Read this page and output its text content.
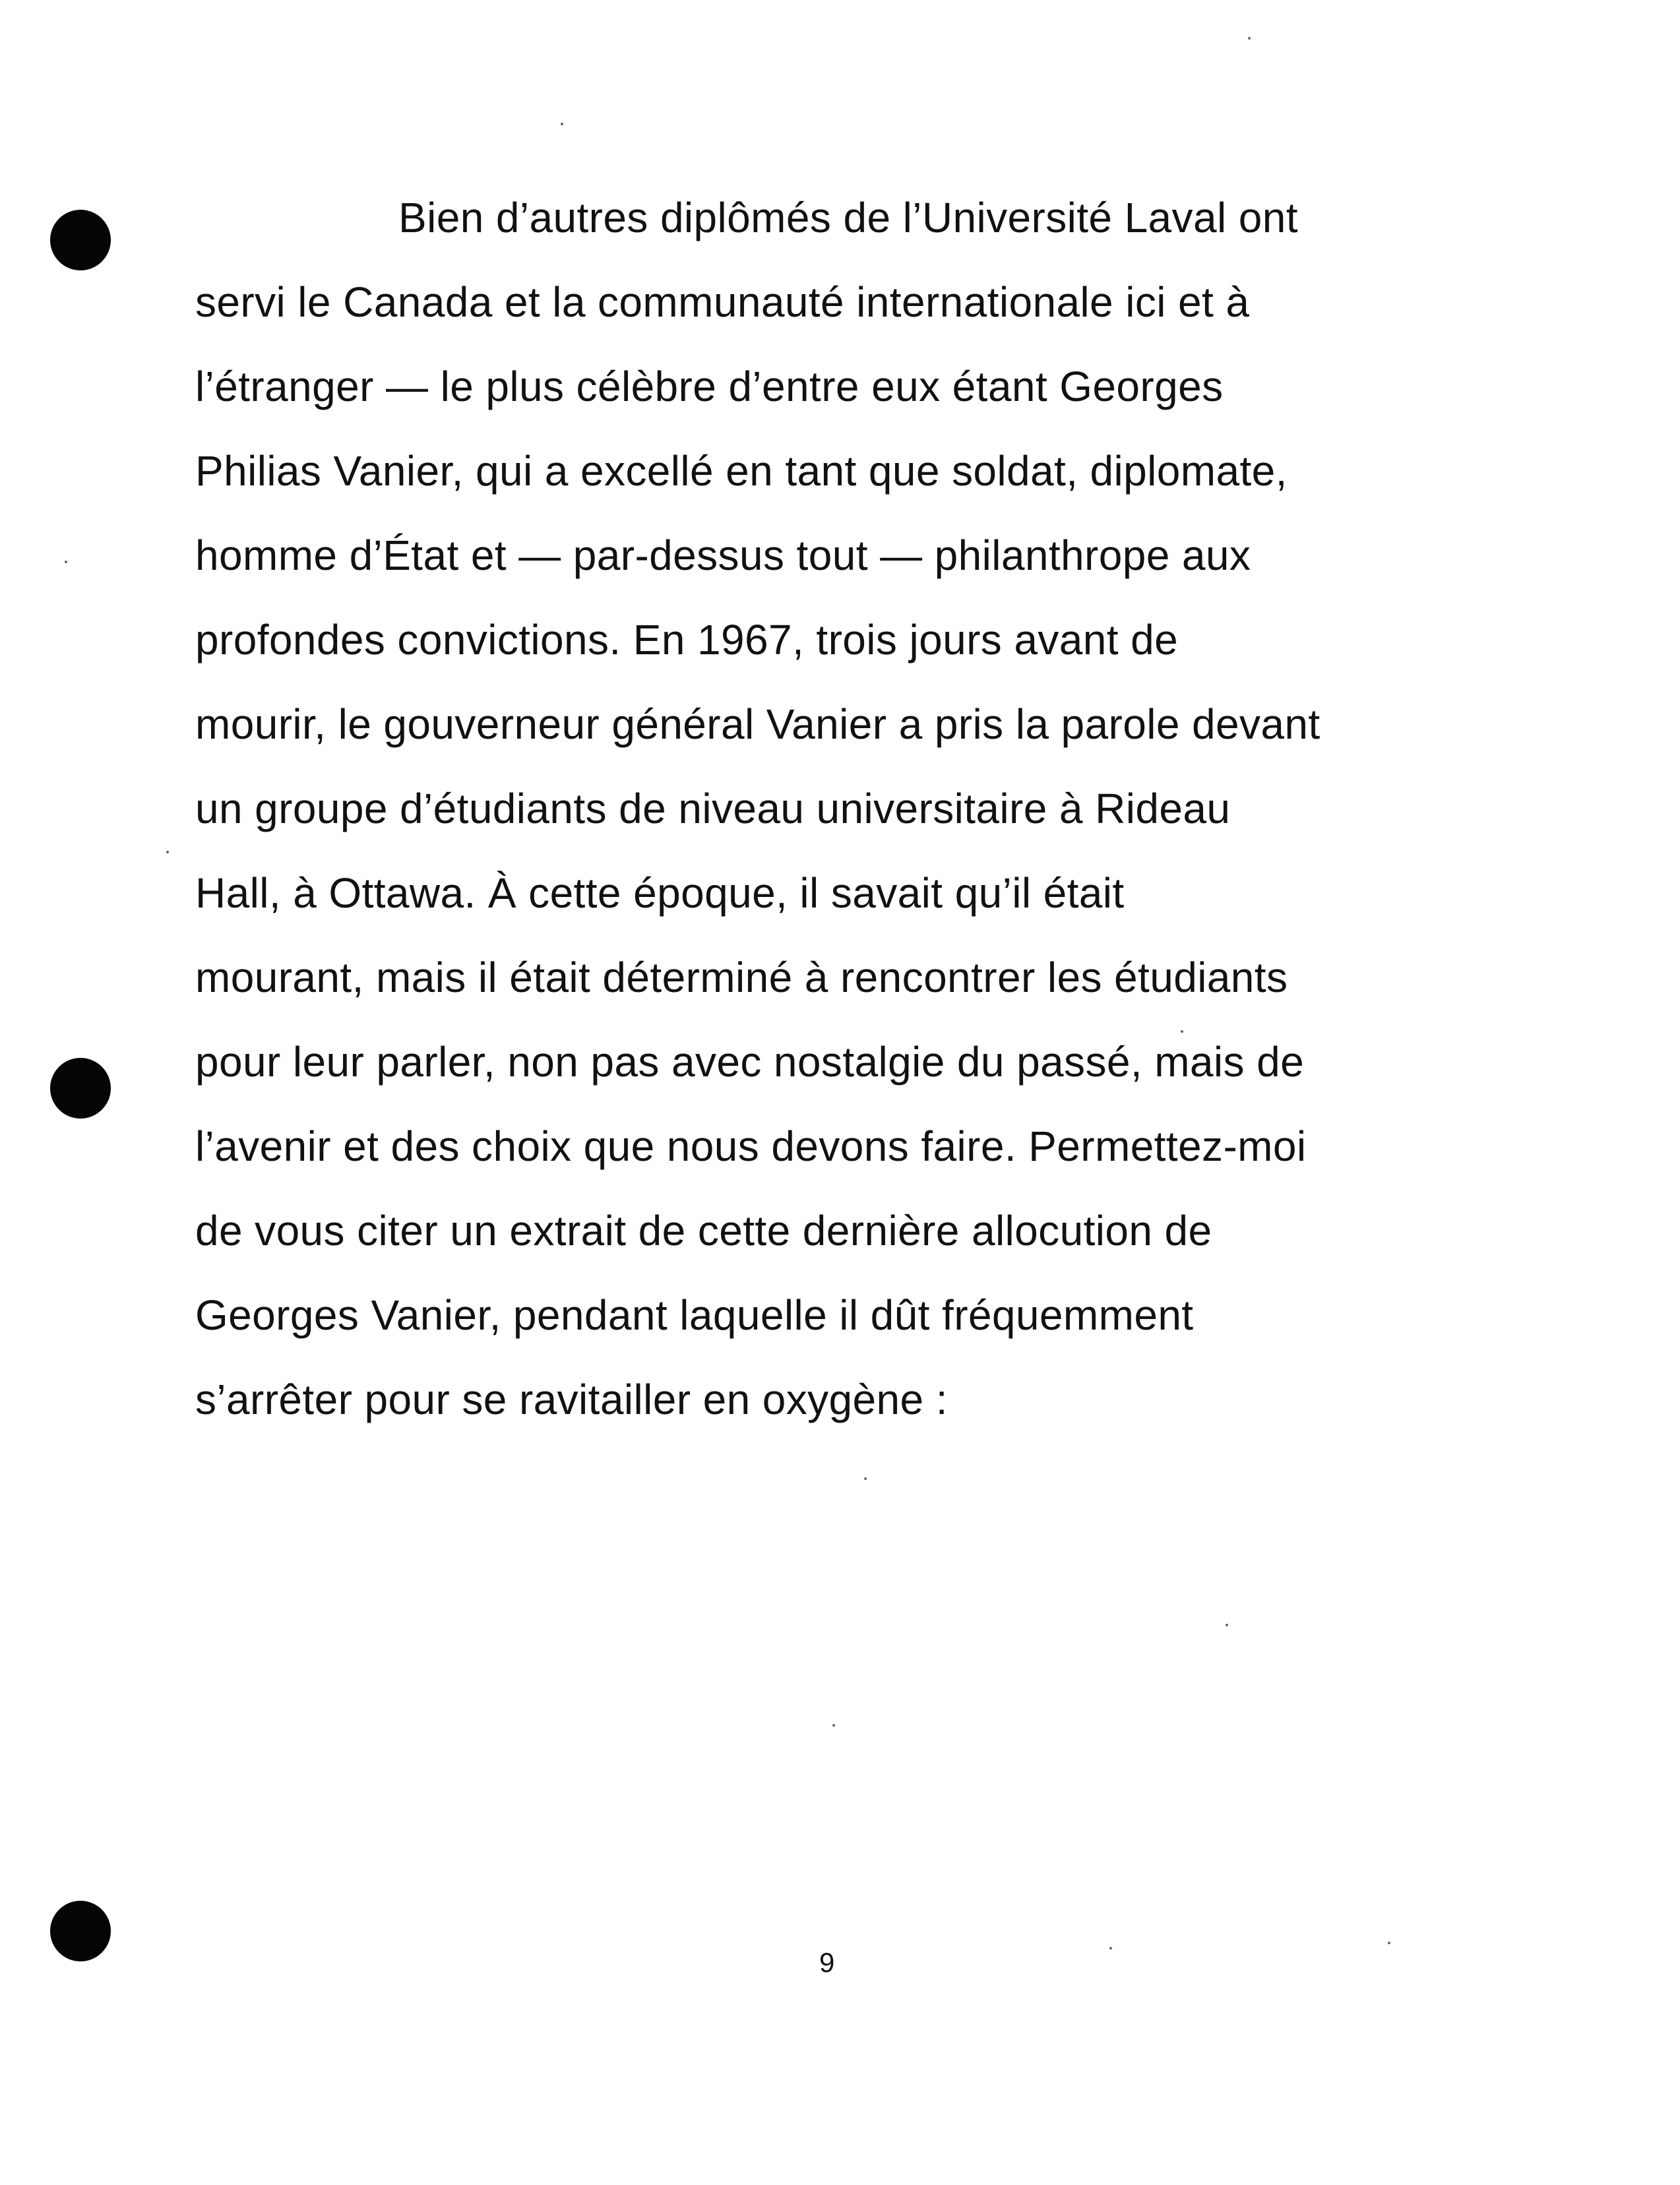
Bien d’autres diplômés de l’Université Laval ont
servi le Canada et la communauté internationale ici et à
l’étranger — le plus célèbre d’entre eux étant Georges
Philias Vanier, qui a excellé en tant que soldat, diplomate,
homme d’État et — par-dessus tout — philanthrope aux
profondes convictions. En 1967, trois jours avant de
mourir, le gouverneur général Vanier a pris la parole devant
un groupe d’étudiants de niveau universitaire à Rideau
Hall, à Ottawa. À cette époque, il savait qu’il était
mourant, mais il était déterminé à rencontrer les étudiants
pour leur parler, non pas avec nostalgie du passé, mais de
l’avenir et des choix que nous devons faire. Permettez-moi
de vous citer un extrait de cette dernière allocution de
Georges Vanier, pendant laquelle il dût fréquemment
s’arrêter pour se ravitailler en oxygène :
9
